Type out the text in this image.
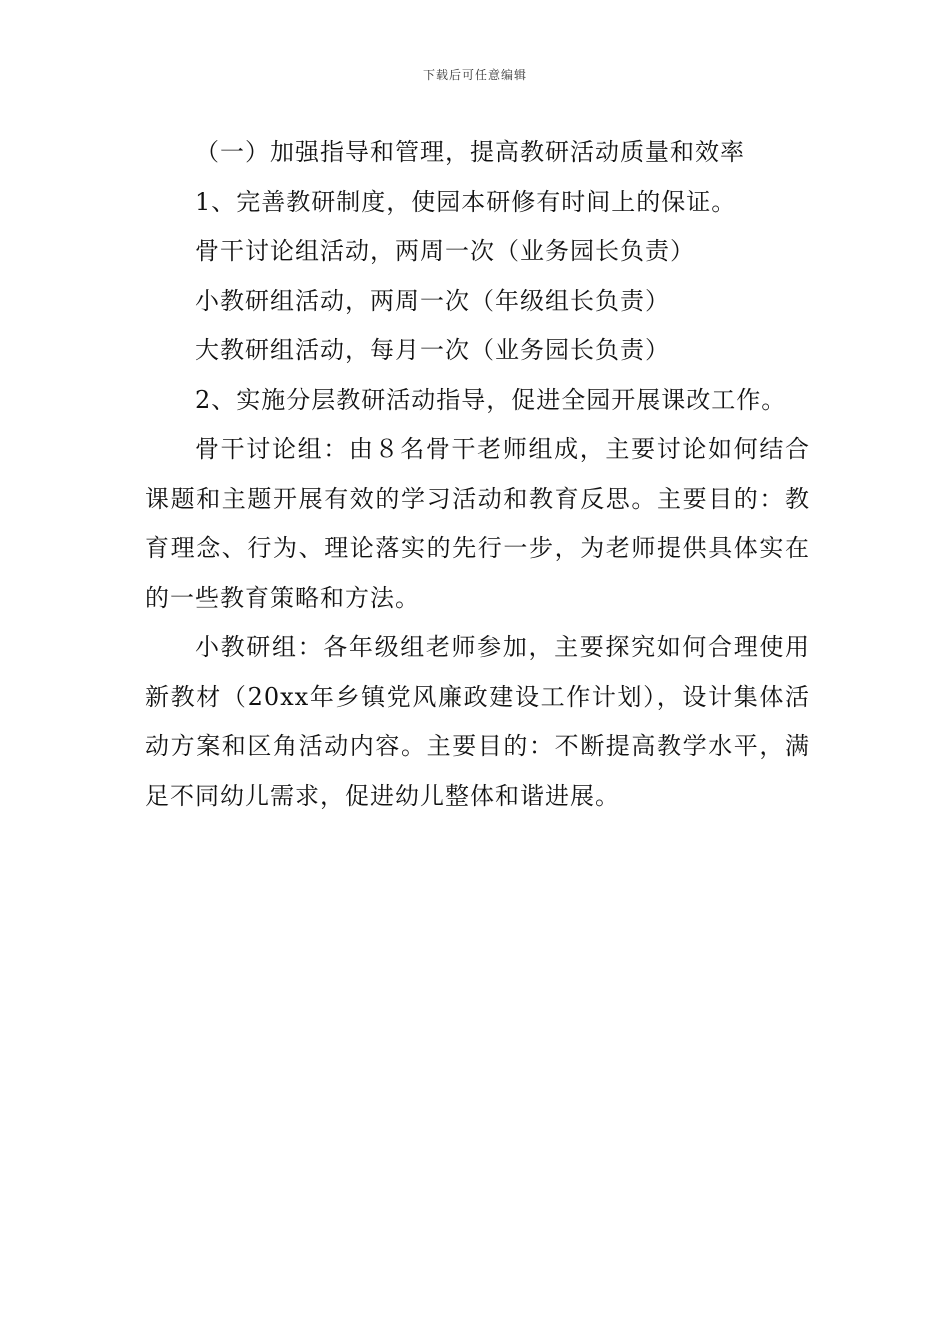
下载后可任意编辑

（一）加强指导和管理，提高教研活动质量和效率

1、完善教研制度，使园本研修有时间上的保证。

骨干讨论组活动，两周一次（业务园长负责）

小教研组活动，两周一次（年级组长负责）

大教研组活动，每月一次（业务园长负责）

2、实施分层教研活动指导，促进全园开展课改工作。

骨干讨论组：由８名骨干老师组成，主要讨论如何结合课题和主题开展有效的学习活动和教育反思。主要目的：教育理念、行为、理论落实的先行一步，为老师提供具体实在的一些教育策略和方法。

小教研组：各年级组老师参加，主要探究如何合理使用新教材（20xx年乡镇党风廉政建设工作计划），设计集体活动方案和区角活动内容。主要目的：不断提高教学水平，满足不同幼儿需求，促进幼儿整体和谐进展。
